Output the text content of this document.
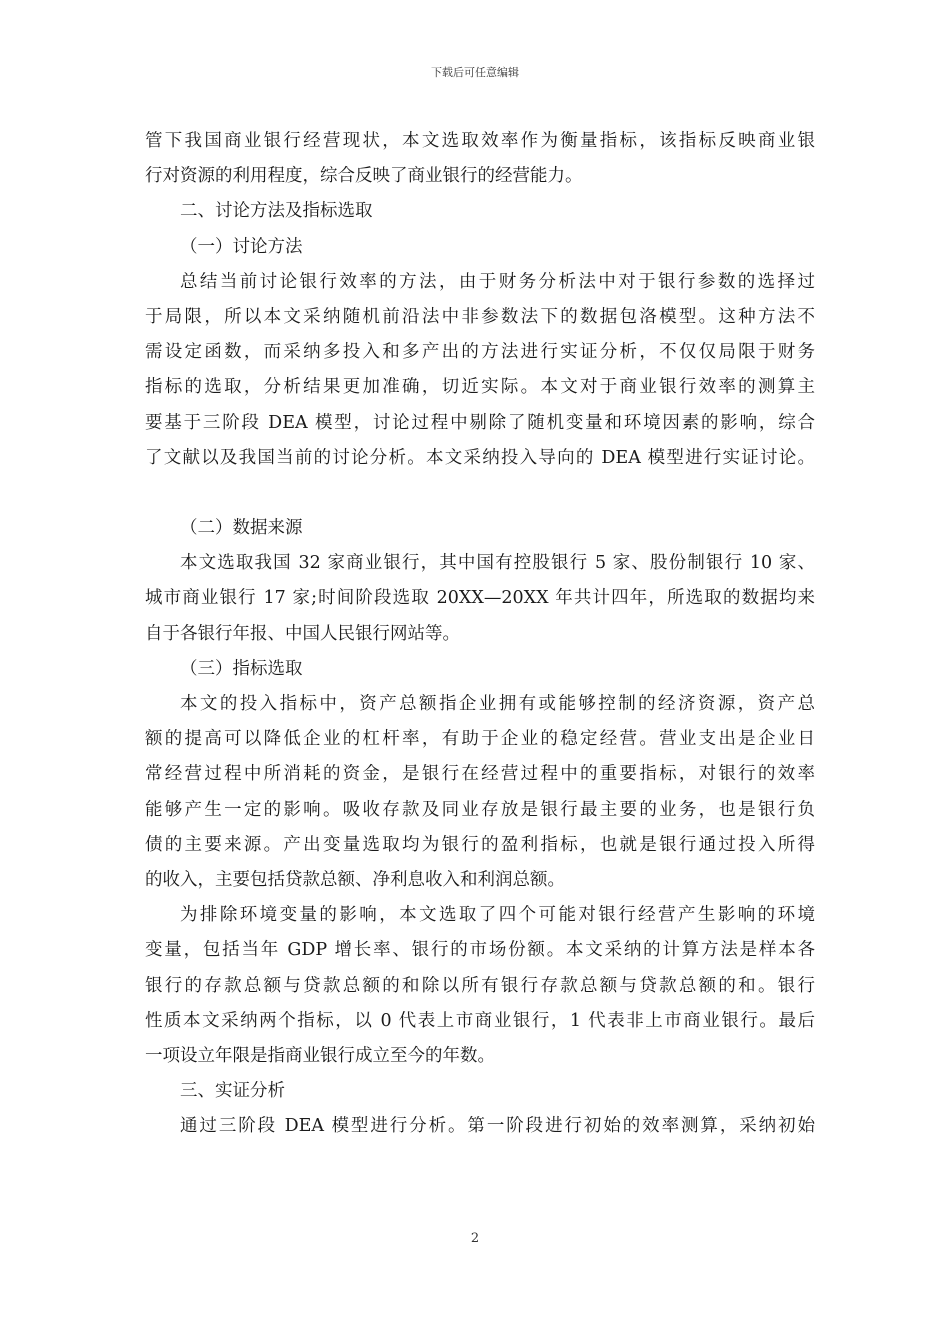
下载后可任意编辑
管下我国商业银行经营现状，本文选取效率作为衡量指标，该指标反映商业银
行对资源的利用程度，综合反映了商业银行的经营能力。
二、讨论方法及指标选取
（一）讨论方法
总结当前讨论银行效率的方法，由于财务分析法中对于银行参数的选择过
于局限，所以本文采纳随机前沿法中非参数法下的数据包洛模型。这种方法不
需设定函数，而采纳多投入和多产出的方法进行实证分析，不仅仅局限于财务
指标的选取，分析结果更加准确，切近实际。本文对于商业银行效率的测算主
要基于三阶段 DEA 模型，讨论过程中剔除了随机变量和环境因素的影响，综合
了文献以及我国当前的讨论分析。本文采纳投入导向的 DEA 模型进行实证讨论。
（二）数据来源
本文选取我国 32 家商业银行，其中国有控股银行 5 家、股份制银行 10 家、
城市商业银行 17 家;时间阶段选取 20XX—20XX 年共计四年，所选取的数据均来
自于各银行年报、中国人民银行网站等。
（三）指标选取
本文的投入指标中，资产总额指企业拥有或能够控制的经济资源，资产总
额的提高可以降低企业的杠杆率，有助于企业的稳定经营。营业支出是企业日
常经营过程中所消耗的资金，是银行在经营过程中的重要指标，对银行的效率
能够产生一定的影响。吸收存款及同业存放是银行最主要的业务，也是银行负
债的主要来源。产出变量选取均为银行的盈利指标，也就是银行通过投入所得
的收入，主要包括贷款总额、净利息收入和利润总额。
为排除环境变量的影响，本文选取了四个可能对银行经营产生影响的环境
变量，包括当年 GDP 增长率、银行的市场份额。本文采纳的计算方法是样本各
银行的存款总额与贷款总额的和除以所有银行存款总额与贷款总额的和。银行
性质本文采纳两个指标，以 0 代表上市商业银行，1 代表非上市商业银行。最后
一项设立年限是指商业银行成立至今的年数。
三、实证分析
通过三阶段 DEA 模型进行分析。第一阶段进行初始的效率测算，采纳初始
2
